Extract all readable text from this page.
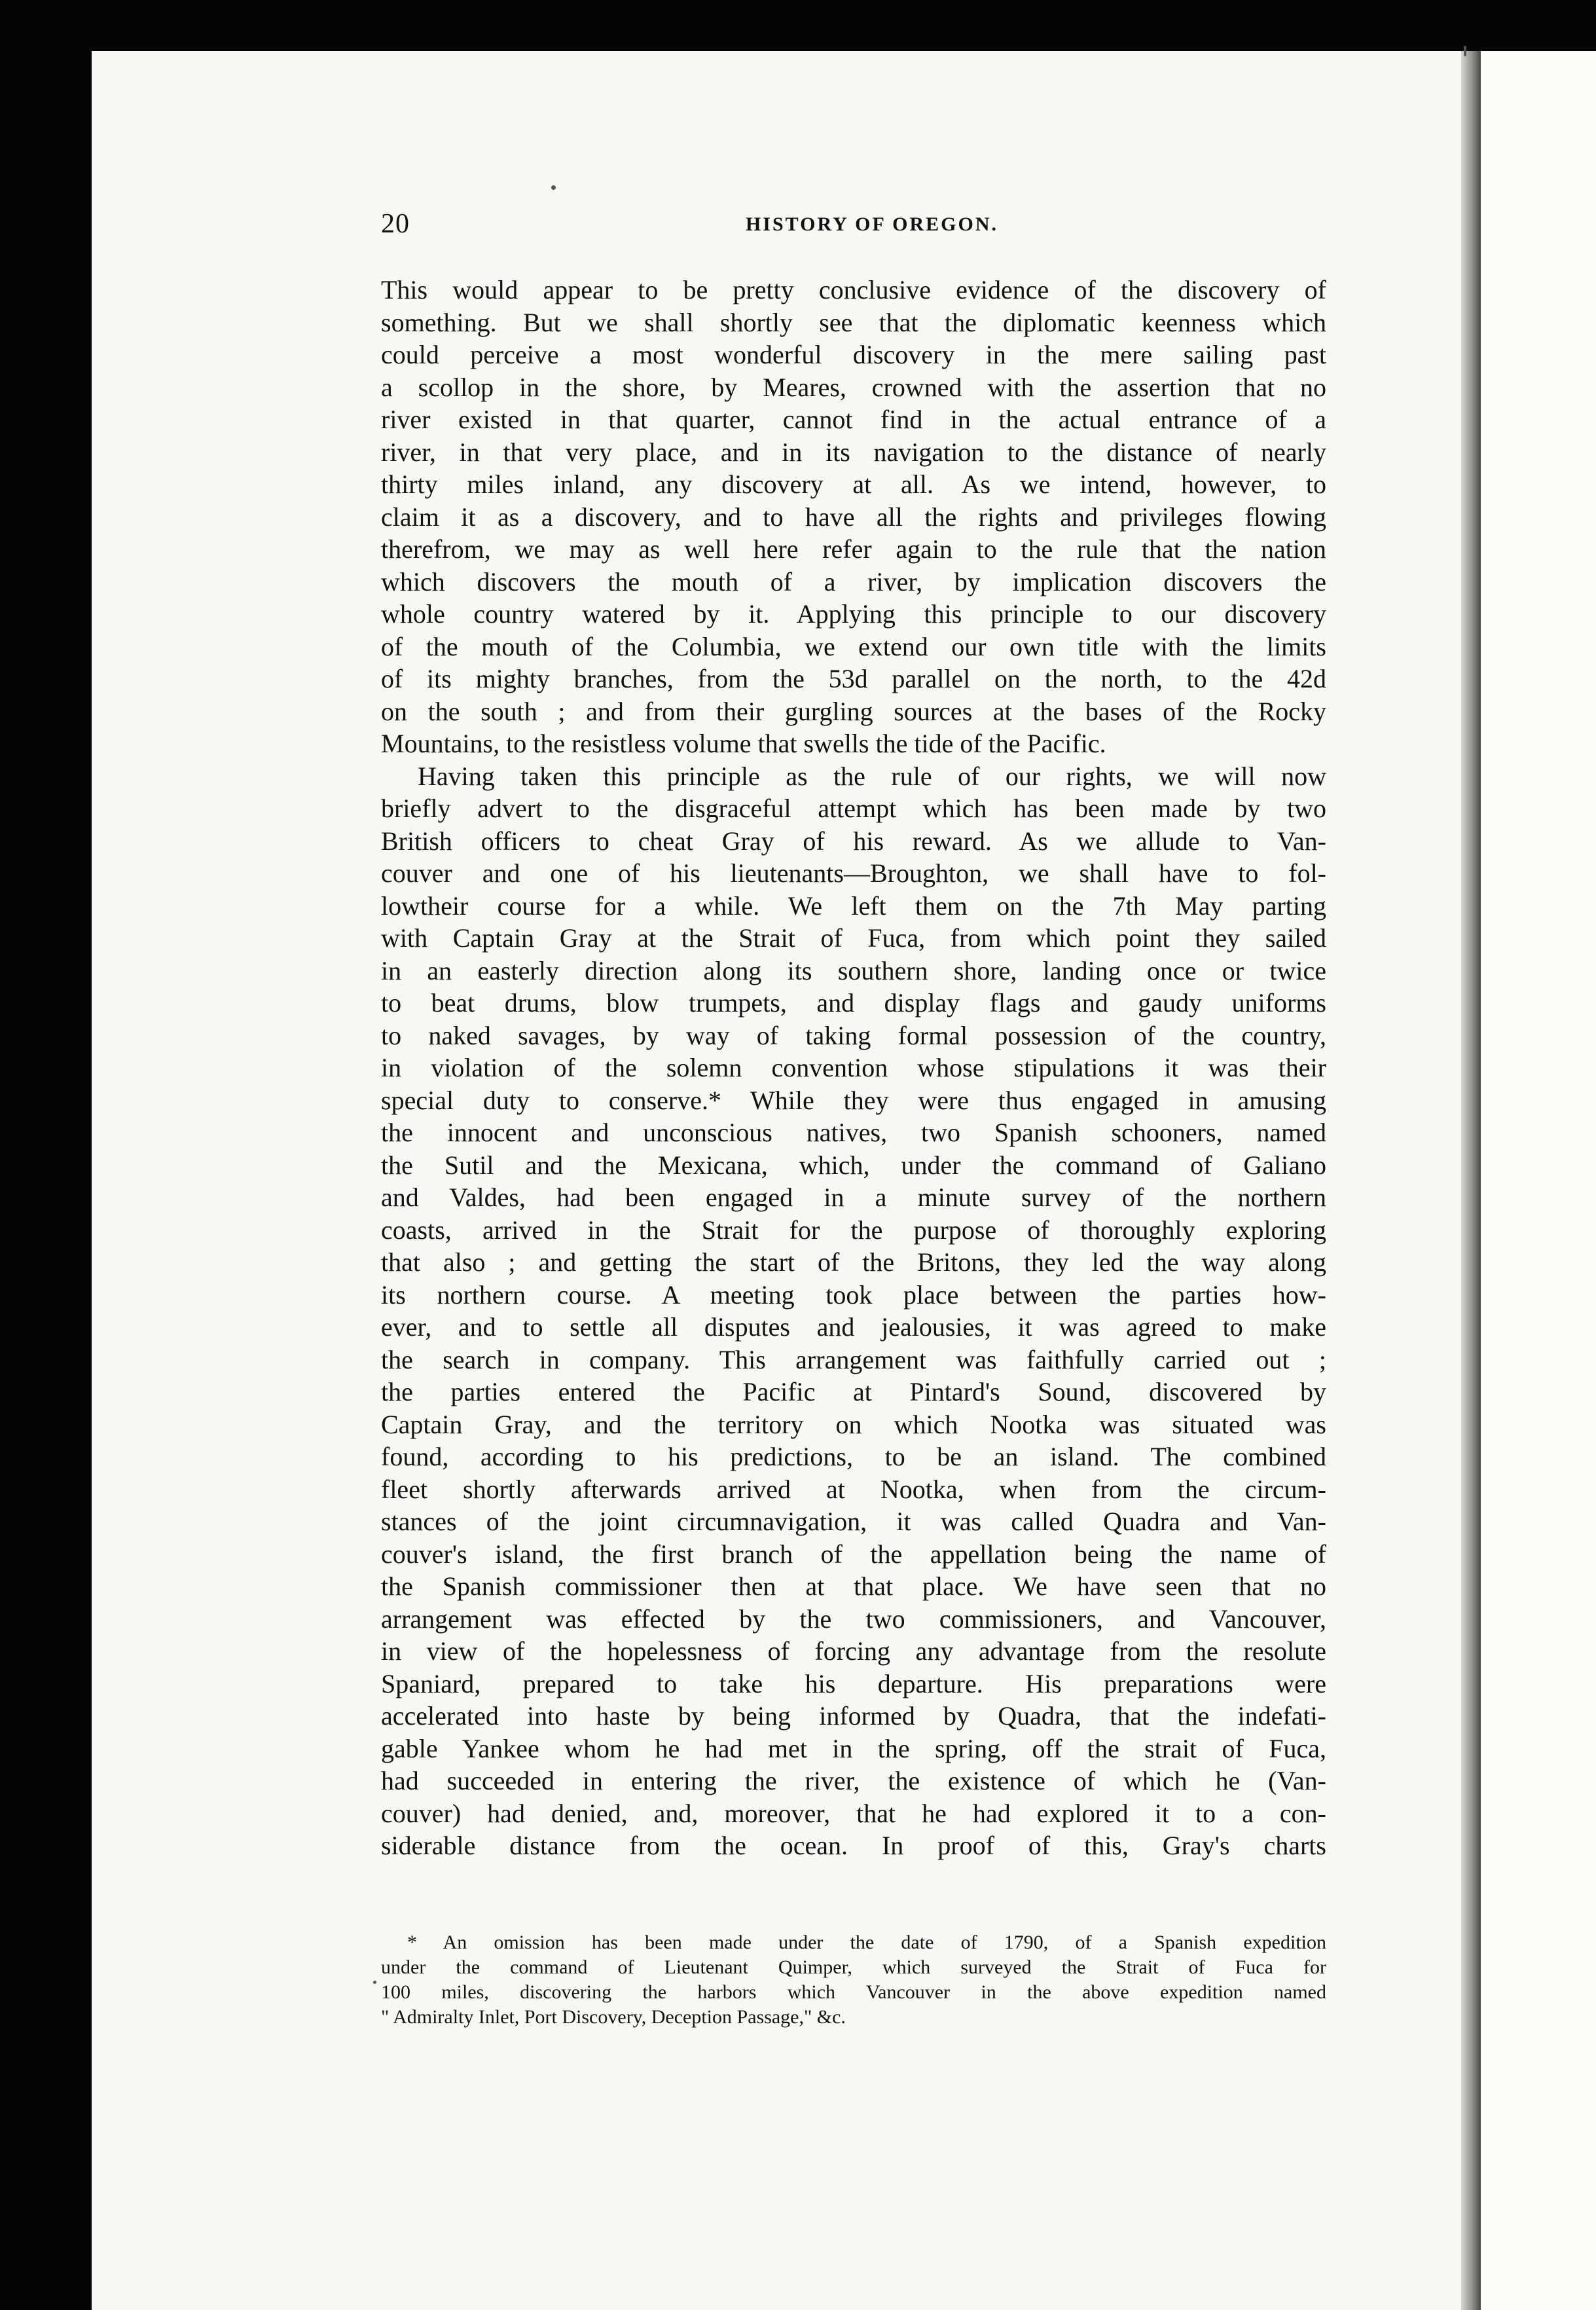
20	HISTORY OF OREGON.
This would appear to be pretty conclusive evidence of the discovery of
something. But we shall shortly see that the diplomatic keenness which
could perceive a most wonderful discovery in the mere sailing past
a scollop in the shore, by Meares, crowned with the assertion that no
river existed in that quarter, cannot find in the actual entrance of a
river, in that very place, and in its navigation to the distance of nearly
thirty miles inland, any discovery at all. As we intend, however, to
claim it as a discovery, and to have all the rights and privileges flowing
therefrom, we may as well here refer again to the rule that the nation
which discovers the mouth of a river, by implication discovers the
whole country watered by it. Applying this principle to our discovery
of the mouth of the Columbia, we extend our own title with the limits
of its mighty branches, from the 53d parallel on the north, to the 42d
on the south ; and from their gurgling sources at the bases of the Rocky
Mountains, to the resistless volume that swells the tide of the Pacific.
Having taken this principle as the rule of our rights, we will now
briefly advert to the disgraceful attempt which has been made by two
British officers to cheat Gray of his reward. As we allude to Van-
couver and one of his lieutenants—Broughton, we shall have to fol-
lowtheir course for a while. We left them on the 7th May parting
with Captain Gray at the Strait of Fuca, from which point they sailed
in an easterly direction along its southern shore, landing once or twice
to beat drums, blow trumpets, and display flags and gaudy uniforms
to naked savages, by way of taking formal possession of the country,
in violation of the solemn convention whose stipulations it was their
special duty to conserve.* While they were thus engaged in amusing
the innocent and unconscious natives, two Spanish schooners, named
the Sutil and the Mexicana, which, under the command of Galiano
and Valdes, had been engaged in a minute survey of the northern
coasts, arrived in the Strait for the purpose of thoroughly exploring
that also ; and getting the start of the Britons, they led the way along
its northern course. A meeting took place between the parties how-
ever, and to settle all disputes and jealousies, it was agreed to make
the search in company. This arrangement was faithfully carried out ;
the parties entered the Pacific at Pintard's Sound, discovered by
Captain Gray, and the territory on which Nootka was situated was
found, according to his predictions, to be an island. The combined
fleet shortly afterwards arrived at Nootka, when from the circum-
stances of the joint circumnavigation, it was called Quadra and Van-
couver's island, the first branch of the appellation being the name of
the Spanish commissioner then at that place. We have seen that no
arrangement was effected by the two commissioners, and Vancouver,
in view of the hopelessness of forcing any advantage from the resolute
Spaniard, prepared to take his departure. His preparations were
accelerated into haste by being informed by Quadra, that the indefati-
gable Yankee whom he had met in the spring, off the strait of Fuca,
had succeeded in entering the river, the existence of which he (Van-
couver) had denied, and, moreover, that he had explored it to a con-
siderable distance from the ocean. In proof of this, Gray's charts
* An omission has been made under the date of 1790, of a Spanish expedition
under the command of Lieutenant Quimper, which surveyed the Strait of Fuca for
100 miles, discovering the harbors which Vancouver in the above expedition named
" Admiralty Inlet, Port Discovery, Deception Passage," &c.
